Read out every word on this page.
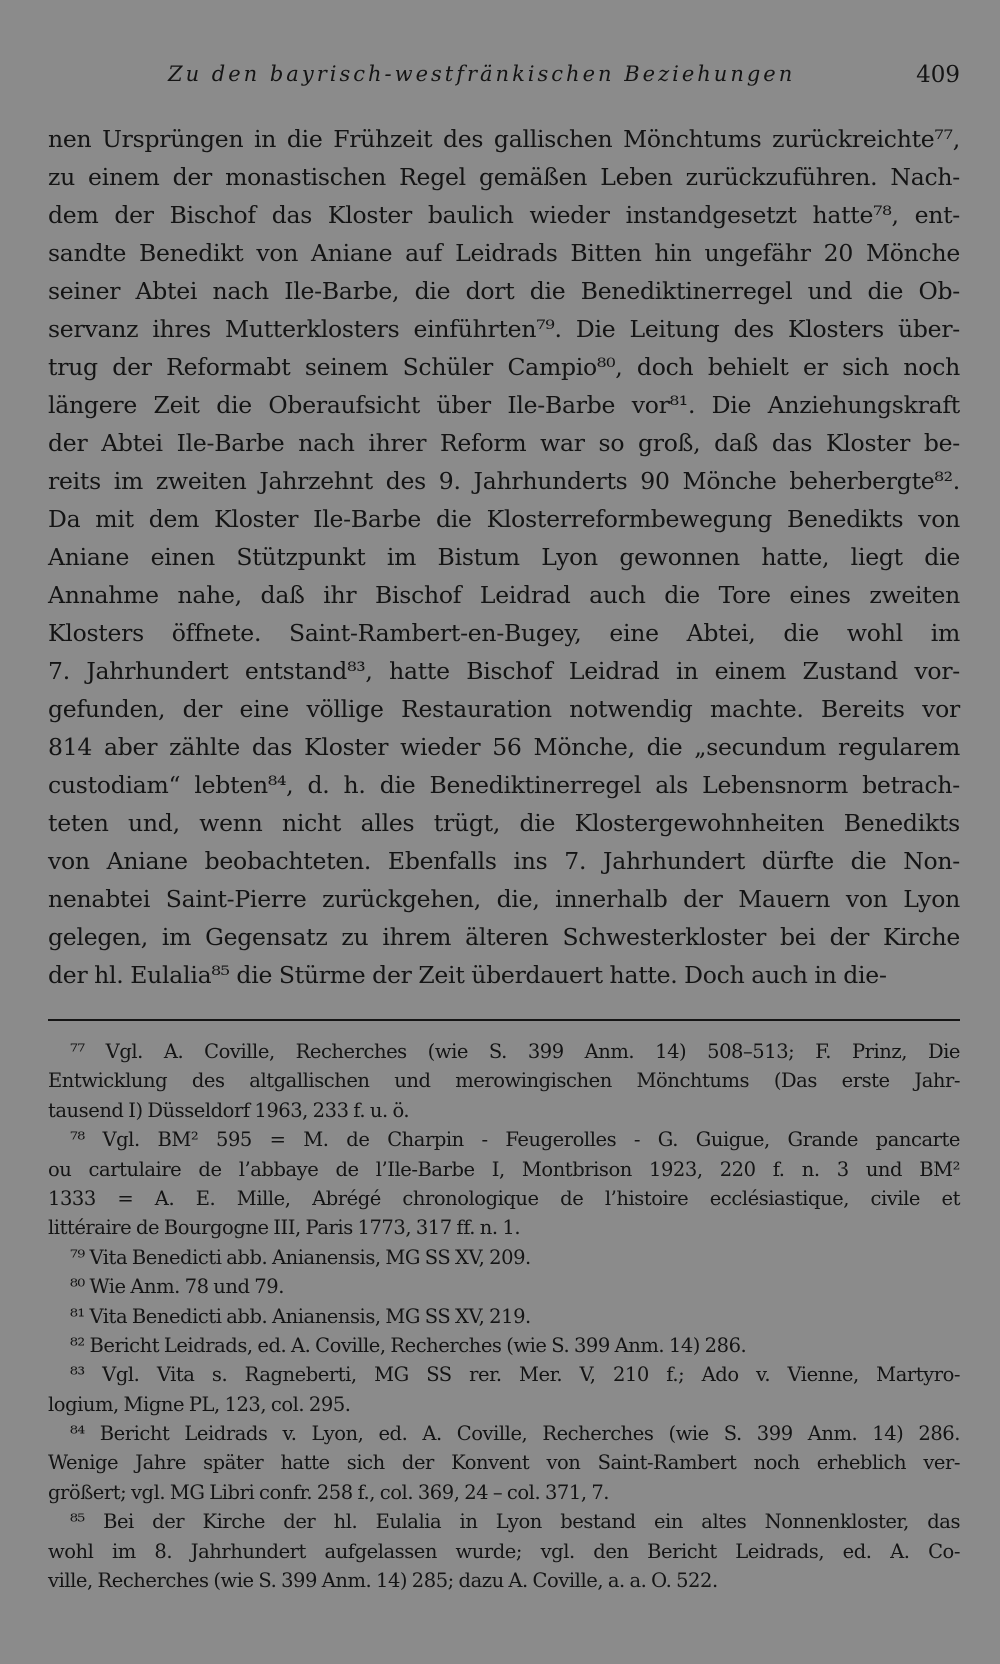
Zu den bayrisch-westfränkischen Beziehungen	409
nen Ursprüngen in die Frühzeit des gallischen Mönchtums zurückreichte⁷⁷,
zu einem der monastischen Regel gemäßen Leben zurückzuführen. Nach-
dem der Bischof das Kloster baulich wieder instandgesetzt hatte⁷⁸, ent-
sandte Benedikt von Aniane auf Leidrads Bitten hin ungefähr 20 Mönche
seiner Abtei nach Ile-Barbe, die dort die Benediktinerregel und die Ob-
servanz ihres Mutterklosters einführten⁷⁹. Die Leitung des Klosters über-
trug der Reformabt seinem Schüler Campio⁸⁰, doch behielt er sich noch
längere Zeit die Oberaufsicht über Ile-Barbe vor⁸¹. Die Anziehungskraft
der Abtei Ile-Barbe nach ihrer Reform war so groß, daß das Kloster be-
reits im zweiten Jahrzehnt des 9. Jahrhunderts 90 Mönche beherbergte⁸².
Da mit dem Kloster Ile-Barbe die Klosterreformbewegung Benedikts von
Aniane einen Stützpunkt im Bistum Lyon gewonnen hatte, liegt die
Annahme nahe, daß ihr Bischof Leidrad auch die Tore eines zweiten
Klosters öffnete. Saint-Rambert-en-Bugey, eine Abtei, die wohl im
7. Jahrhundert entstand⁸³, hatte Bischof Leidrad in einem Zustand vor-
gefunden, der eine völlige Restauration notwendig machte. Bereits vor
814 aber zählte das Kloster wieder 56 Mönche, die „secundum regularem
custodiam“ lebten⁸⁴, d. h. die Benediktinerregel als Lebensnorm betrach-
teten und, wenn nicht alles trügt, die Klostergewohnheiten Benedikts
von Aniane beobachteten. Ebenfalls ins 7. Jahrhundert dürfte die Non-
nenabtei Saint-Pierre zurückgehen, die, innerhalb der Mauern von Lyon
gelegen, im Gegensatz zu ihrem älteren Schwesterkloster bei der Kirche
der hl. Eulalia⁸⁵ die Stürme der Zeit überdauert hatte. Doch auch in die-
⁷⁷ Vgl. A. Coville, Recherches (wie S. 399 Anm. 14) 508–513; F. Prinz, Die
Entwicklung des altgallischen und merowingischen Mönchtums (Das erste Jahr-
tausend I) Düsseldorf 1963, 233 f. u. ö.
⁷⁸ Vgl. BM² 595 = M. de Charpin - Feugerolles - G. Guigue, Grande pancarte
ou cartulaire de l’abbaye de l’Ile-Barbe I, Montbrison 1923, 220 f. n. 3 und BM²
1333 = A. E. Mille, Abrégé chronologique de l’histoire ecclésiastique, civile et
littéraire de Bourgogne III, Paris 1773, 317 ff. n. 1.
⁷⁹ Vita Benedicti abb. Anianensis, MG SS XV, 209.
⁸⁰ Wie Anm. 78 und 79.
⁸¹ Vita Benedicti abb. Anianensis, MG SS XV, 219.
⁸² Bericht Leidrads, ed. A. Coville, Recherches (wie S. 399 Anm. 14) 286.
⁸³ Vgl. Vita s. Ragneberti, MG SS rer. Mer. V, 210 f.; Ado v. Vienne, Martyro-
logium, Migne PL, 123, col. 295.
⁸⁴ Bericht Leidrads v. Lyon, ed. A. Coville, Recherches (wie S. 399 Anm. 14) 286.
Wenige Jahre später hatte sich der Konvent von Saint-Rambert noch erheblich ver-
größert; vgl. MG Libri confr. 258 f., col. 369, 24 – col. 371, 7.
⁸⁵ Bei der Kirche der hl. Eulalia in Lyon bestand ein altes Nonnenkloster, das
wohl im 8. Jahrhundert aufgelassen wurde; vgl. den Bericht Leidrads, ed. A. Co-
ville, Recherches (wie S. 399 Anm. 14) 285; dazu A. Coville, a. a. O. 522.
